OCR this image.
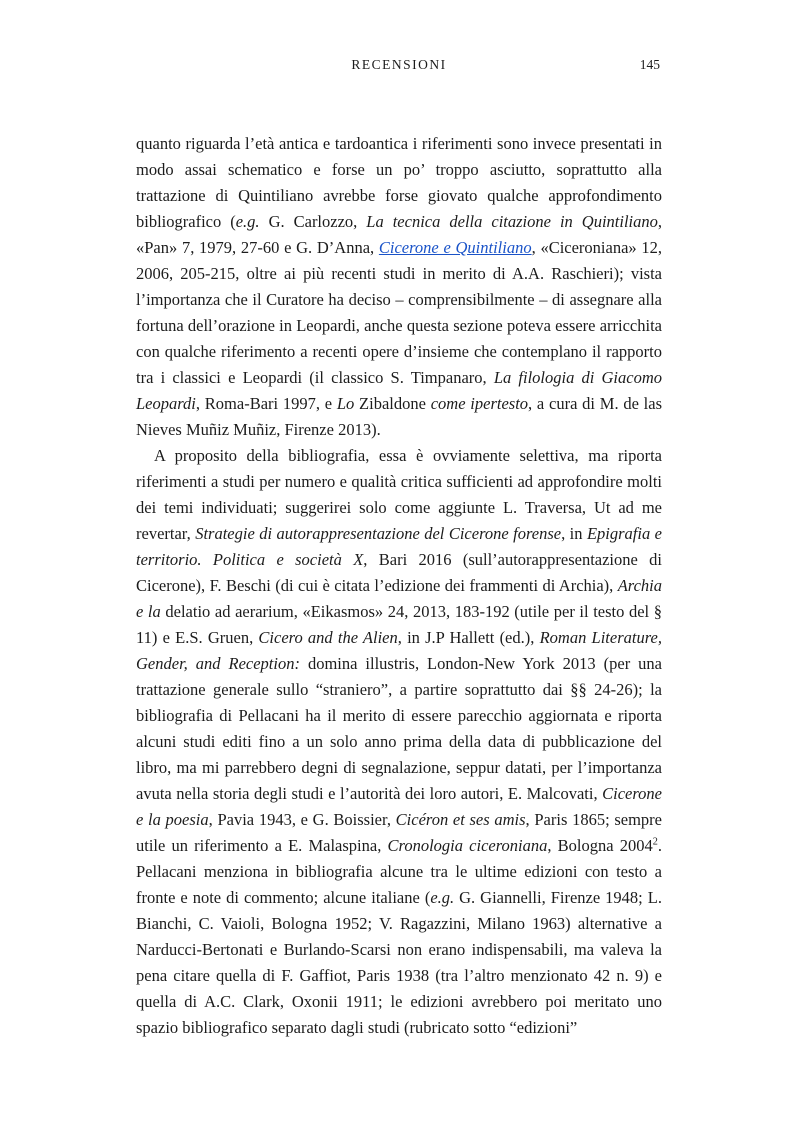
RECENSIONI	145

quanto riguarda l’età antica e tardoantica i riferimenti sono invece presentati in modo assai schematico e forse un po’ troppo asciutto, soprattutto alla trattazione di Quintiliano avrebbe forse giovato qualche approfondimento bibliografico (e.g. G. Carlozzo, La tecnica della citazione in Quintiliano, «Pan» 7, 1979, 27-60 e G. D’Anna, Cicerone e Quintiliano, «Ciceroniana» 12, 2006, 205-215, oltre ai più recenti studi in merito di A.A. Raschieri); vista l’importanza che il Curatore ha deciso – comprensibilmente – di assegnare alla fortuna dell’orazione in Leopardi, anche questa sezione poteva essere arricchita con qualche riferimento a recenti opere d’insieme che contemplano il rapporto tra i classici e Leopardi (il classico S. Timpanaro, La filologia di Giacomo Leopardi, Roma-Bari 1997, e Lo Zibaldone come ipertesto, a cura di M. de las Nieves Muñiz Muñiz, Firenze 2013).

A proposito della bibliografia, essa è ovviamente selettiva, ma riporta riferimenti a studi per numero e qualità critica sufficienti ad approfondire molti dei temi individuati; suggerirei solo come aggiunte L. Traversa, Ut ad me revertar, Strategie di autorappresentazione del Cicerone forense, in Epigrafia e territorio. Politica e società X, Bari 2016 (sull’autorappresentazione di Cicerone), F. Beschi (di cui è citata l’edizione dei frammenti di Archia), Archia e la delatio ad aerarium, «Eikasmos» 24, 2013, 183-192 (utile per il testo del § 11) e E.S. Gruen, Cicero and the Alien, in J.P Hallett (ed.), Roman Literature, Gender, and Reception: domina illustris, London-New York 2013 (per una trattazione generale sullo “straniero”, a partire soprattutto dai §§ 24-26); la bibliografia di Pellacani ha il merito di essere parecchio aggiornata e riporta alcuni studi editi fino a un solo anno prima della data di pubblicazione del libro, ma mi parrebbero degni di segnalazione, seppur datati, per l’importanza avuta nella storia degli studi e l’autorità dei loro autori, E. Malcovati, Cicerone e la poesia, Pavia 1943, e G. Boissier, Cicéron et ses amis, Paris 1865; sempre utile un riferimento a E. Malaspina, Cronologia ciceroniana, Bologna 2004$^2$. Pellacani menziona in bibliografia alcune tra le ultime edizioni con testo a fronte e note di commento; alcune italiane (e.g. G. Giannelli, Firenze 1948; L. Bianchi, C. Vaioli, Bologna 1952; V. Ragazzini, Milano 1963) alternative a Narducci-Bertonati e Burlando-Scarsi non erano indispensabili, ma valeva la pena citare quella di F. Gaffiot, Paris 1938 (tra l’altro menzionato 42 n. 9) e quella di A.C. Clark, Oxonii 1911; le edizioni avrebbero poi meritato uno spazio bibliografico separato dagli studi (rubricato sotto “edizioni”
